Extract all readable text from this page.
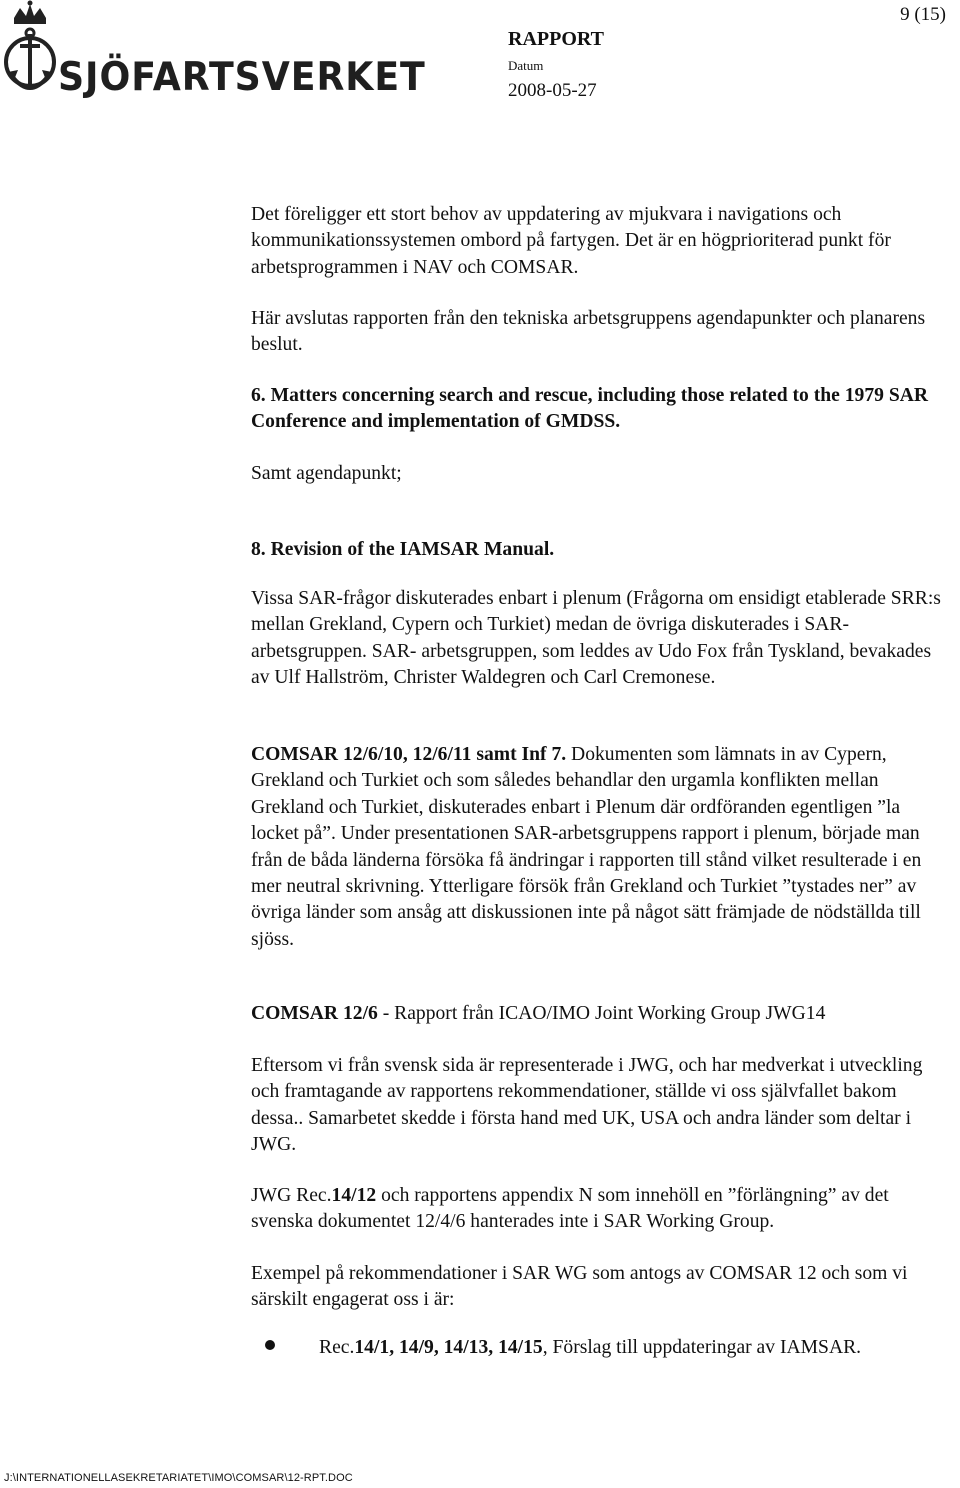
SJÖFARTSVERKET
9 (15)
RAPPORT
Datum
2008-05-27

Det föreligger ett stort behov av uppdatering av mjukvara i navigations och kommunikationssystemen ombord på fartygen. Det är en högprioriterad punkt för arbetsprogrammen i NAV och COMSAR.

Här avslutas rapporten från den tekniska arbetsgruppens agendapunkter och planarens beslut.

6. Matters concerning search and rescue, including those related to the 1979 SAR Conference and implementation of GMDSS.

Samt agendapunkt;

8. Revision of the IAMSAR Manual.

Vissa SAR-frågor diskuterades enbart i plenum (Frågorna om ensidigt etablerade SRR:s mellan Grekland, Cypern och Turkiet) medan de övriga diskuterades i SAR-arbetsgruppen. SAR- arbetsgruppen, som leddes av Udo Fox från Tyskland, bevakades av Ulf Hallström, Christer Waldegren och Carl Cremonese.

COMSAR 12/6/10, 12/6/11 samt Inf 7. Dokumenten som lämnats in av Cypern, Grekland och Turkiet och som således behandlar den urgamla konflikten mellan Grekland och Turkiet, diskuterades enbart i Plenum där ordföranden egentligen ”la locket på”. Under presentationen SAR-arbetsgruppens rapport i plenum, började man från de båda länderna försöka få ändringar i rapporten till stånd vilket resulterade i en mer neutral skrivning. Ytterligare försök från Grekland och Turkiet ”tystades ner” av övriga länder som ansåg att diskussionen inte på något sätt främjade de nödställda till sjöss.

COMSAR 12/6 - Rapport från ICAO/IMO Joint Working Group JWG14

Eftersom vi från svensk sida är representerade i JWG, och har medverkat i utveckling och framtagande av rapportens rekommendationer, ställde vi oss självfallet bakom dessa.. Samarbetet skedde i första hand med UK, USA och andra länder som deltar i JWG.

JWG Rec.14/12 och rapportens appendix N som innehöll en ”förlängning” av det svenska dokumentet 12/4/6 hanterades inte i SAR Working Group.

Exempel på rekommendationer i SAR WG som antogs av COMSAR 12 och som vi särskilt engagerat oss i är:

Rec.14/1, 14/9, 14/13, 14/15, Förslag till uppdateringar av IAMSAR.

J:\INTERNATIONELLASEKRETARIATET\IMO\COMSAR\12-RPT.DOC
